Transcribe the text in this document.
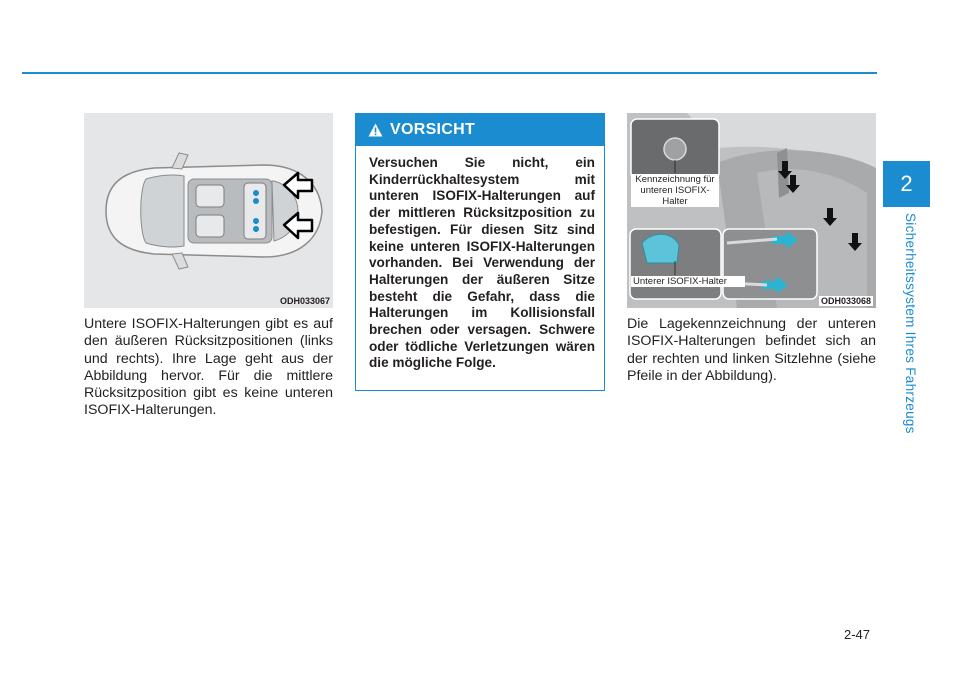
2
Sicherheitssystem Ihres Fahrzeugs
ODH033067
Untere ISOFIX-Halterungen gibt es auf den äußeren Rücksitzpositionen (links und rechts). Ihre Lage geht aus der Abbildung hervor. Für die mittlere Rücksitzposition gibt es keine unteren ISOFIX-Halterungen.
VORSICHT
Versuchen Sie nicht, ein Kinderrückhaltesystem mit unteren ISOFIX-Halterungen auf der mittleren Rücksitzposition zu befestigen. Für diesen Sitz sind keine unteren ISOFIX-Halterungen vorhanden. Bei Verwendung der Halterungen der äußeren Sitze besteht die Gefahr, dass die Halterungen im Kollisionsfall brechen oder versagen. Schwere oder tödliche Verletzungen wären die mögliche Folge.
Kennzeichnung für unteren ISOFIX-Halter
Unterer ISOFIX-Halter
ODH033068
Die Lagekennzeichnung der unteren ISOFIX-Halterungen befindet sich an der rechten und linken Sitzlehne (siehe Pfeile in der Abbildung).
2-47
